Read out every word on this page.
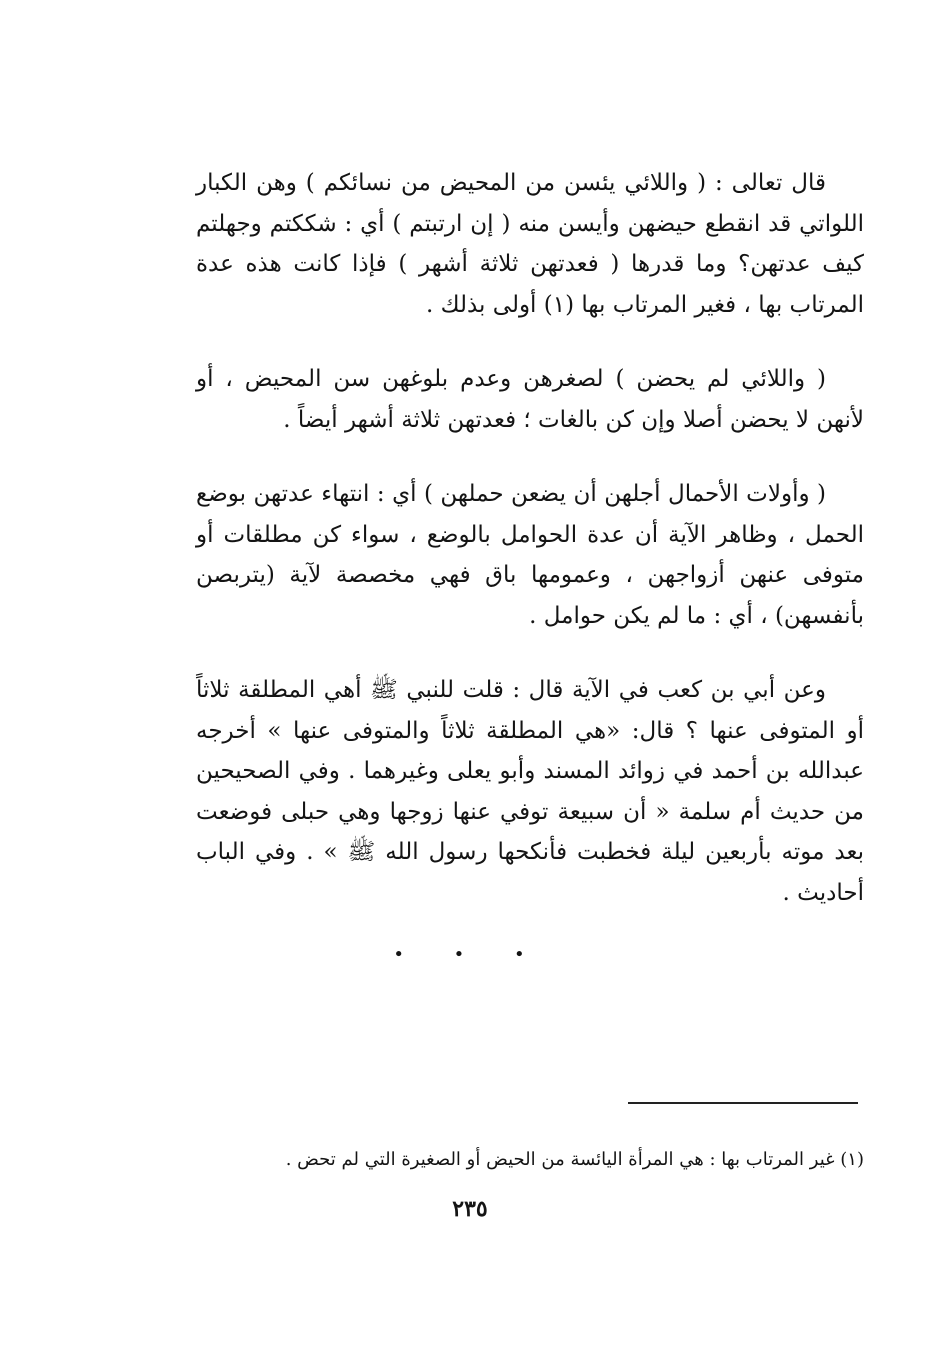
قال تعالى : ( واللائي يئسن من المحيض من نسائكم ) وهن الكبار اللواتي قد انقطع حيضهن وأيسن منه ( إن ارتبتم ) أي : شككتم وجهلتم كيف عدتهن؟ وما قدرها ( فعدتهن ثلاثة أشهر ) فإذا كانت هذه عدة المرتاب بها ، فغير المرتاب بها (١) أولى بذلك .

( واللائي لم يحضن ) لصغرهن وعدم بلوغهن سن المحيض ، أو لأنهن لا يحضن أصلا وإن كن بالغات ؛ فعدتهن ثلاثة أشهر أيضاً .

( وأولات الأحمال أجلهن أن يضعن حملهن ) أي : انتهاء عدتهن بوضع الحمل ، وظاهر الآية أن عدة الحوامل بالوضع ، سواء كن مطلقات أو متوفى عنهن أزواجهن ، وعمومها باق فهي مخصصة لآية (يتربصن بأنفسهن) ، أي : ما لم يكن حوامل .

وعن أبي بن كعب في الآية قال : قلت للنبي ﷺ أهي المطلقة ثلاثاً أو المتوفى عنها ؟ قال: «هي المطلقة ثلاثاً والمتوفى عنها » أخرجه عبدالله بن أحمد في زوائد المسند وأبو يعلى وغيرهما . وفي الصحيحين من حديث أم سلمة « أن سبيعة توفي عنها زوجها وهي حبلى فوضعت بعد موته بأربعين ليلة فخطبت فأنكحها رسول الله ﷺ » . وفي الباب أحاديث .

• • •
(١) غير المرتاب بها : هي المرأة اليائسة من الحيض أو الصغيرة التي لم تحض .
٢٣٥
